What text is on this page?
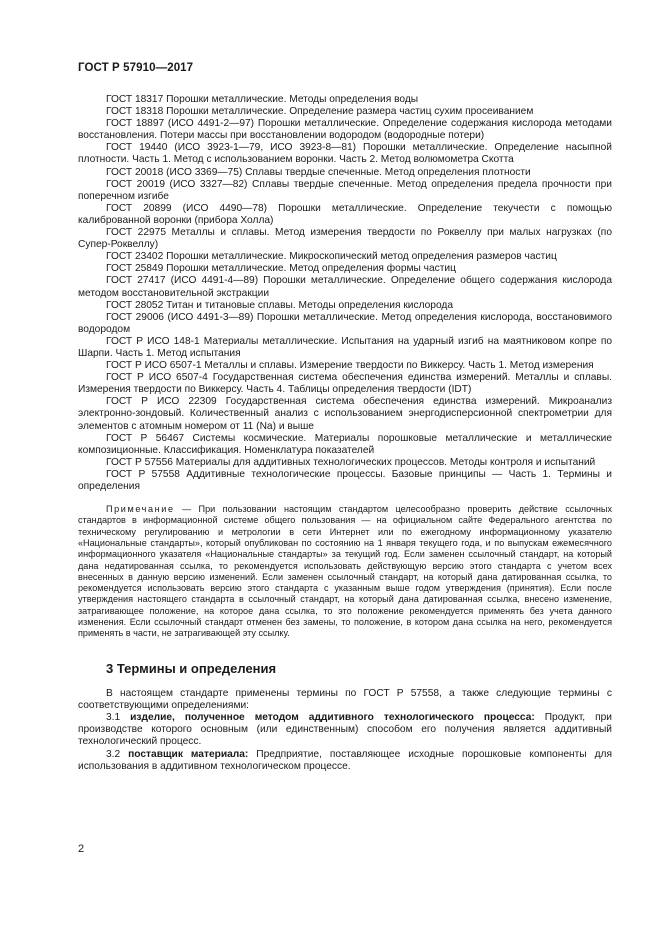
ГОСТ Р 57910—2017

ГОСТ 18317 Порошки металлические. Методы определения воды

ГОСТ 18318 Порошки металлические. Определение размера частиц сухим просеиванием

ГОСТ 18897 (ИСО 4491-2—97) Порошки металлические. Определение содержания кислорода методами восстановления. Потери массы при восстановлении водородом (водородные потери)

ГОСТ 19440 (ИСО 3923-1—79, ИСО 3923-8—81) Порошки металлические. Определение насыпной плотности. Часть 1. Метод с использованием воронки. Часть 2. Метод волюмометра Скотта

ГОСТ 20018 (ИСО 3369—75) Сплавы твердые спеченные. Метод определения плотности

ГОСТ 20019 (ИСО 3327—82) Сплавы твердые спеченные. Метод определения предела прочности при поперечном изгибе

ГОСТ 20899 (ИСО 4490—78) Порошки металлические. Определение текучести с помощью калиброванной воронки (прибора Холла)

ГОСТ 22975 Металлы и сплавы. Метод измерения твердости по Роквеллу при малых нагрузках (по Супер-Роквеллу)

ГОСТ 23402 Порошки металлические. Микроскопический метод определения размеров частиц

ГОСТ 25849 Порошки металлические. Метод определения формы частиц

ГОСТ 27417 (ИСО 4491-4—89) Порошки металлические. Определение общего содержания кислорода методом восстановительной экстракции

ГОСТ 28052 Титан и титановые сплавы. Методы определения кислорода

ГОСТ 29006 (ИСО 4491-3—89) Порошки металлические. Метод определения кислорода, восстановимого водородом

ГОСТ Р ИСО 148-1 Материалы металлические. Испытания на ударный изгиб на маятниковом копре по Шарпи. Часть 1. Метод испытания

ГОСТ Р ИСО 6507-1 Металлы и сплавы. Измерение твердости по Виккерсу. Часть 1. Метод измерения

ГОСТ Р ИСО 6507-4 Государственная система обеспечения единства измерений. Металлы и сплавы. Измерения твердости по Виккерсу. Часть 4. Таблицы определения твердости (IDT)

ГОСТ Р ИСО 22309 Государственная система обеспечения единства измерений. Микроанализ электронно-зондовый. Количественный анализ с использованием энергодисперсионной спектрометрии для элементов с атомным номером от 11 (Na) и выше

ГОСТ Р 56467 Системы космические. Материалы порошковые металлические и металлические композиционные. Классификация. Номенклатура показателей

ГОСТ Р 57556 Материалы для аддитивных технологических процессов. Методы контроля и испытаний

ГОСТ Р 57558 Аддитивные технологические процессы. Базовые принципы — Часть 1. Термины и определения

Примечание — При пользовании настоящим стандартом целесообразно проверить действие ссылочных стандартов в информационной системе общего пользования — на официальном сайте Федерального агентства по техническому регулированию и метрологии в сети Интернет или по ежегодному информационному указателю «Национальные стандарты», который опубликован по состоянию на 1 января текущего года, и по выпускам ежемесячного информационного указателя «Национальные стандарты» за текущий год. Если заменен ссылочный стандарт, на который дана недатированная ссылка, то рекомендуется использовать действующую версию этого стандарта с учетом всех внесенных в данную версию изменений. Если заменен ссылочный стандарт, на который дана датированная ссылка, то рекомендуется использовать версию этого стандарта с указанным выше годом утверждения (принятия). Если после утверждения настоящего стандарта в ссылочный стандарт, на который дана датированная ссылка, внесено изменение, затрагивающее положение, на которое дана ссылка, то это положение рекомендуется применять без учета данного изменения. Если ссылочный стандарт отменен без замены, то положение, в котором дана ссылка на него, рекомендуется применять в части, не затрагивающей эту ссылку.

3 Термины и определения

В настоящем стандарте применены термины по ГОСТ Р 57558, а также следующие термины с соответствующими определениями:

3.1 изделие, полученное методом аддитивного технологического процесса: Продукт, при производстве которого основным (или единственным) способом его получения является аддитивный технологический процесс.

3.2 поставщик материала: Предприятие, поставляющее исходные порошковые компоненты для использования в аддитивном технологическом процессе.

2
